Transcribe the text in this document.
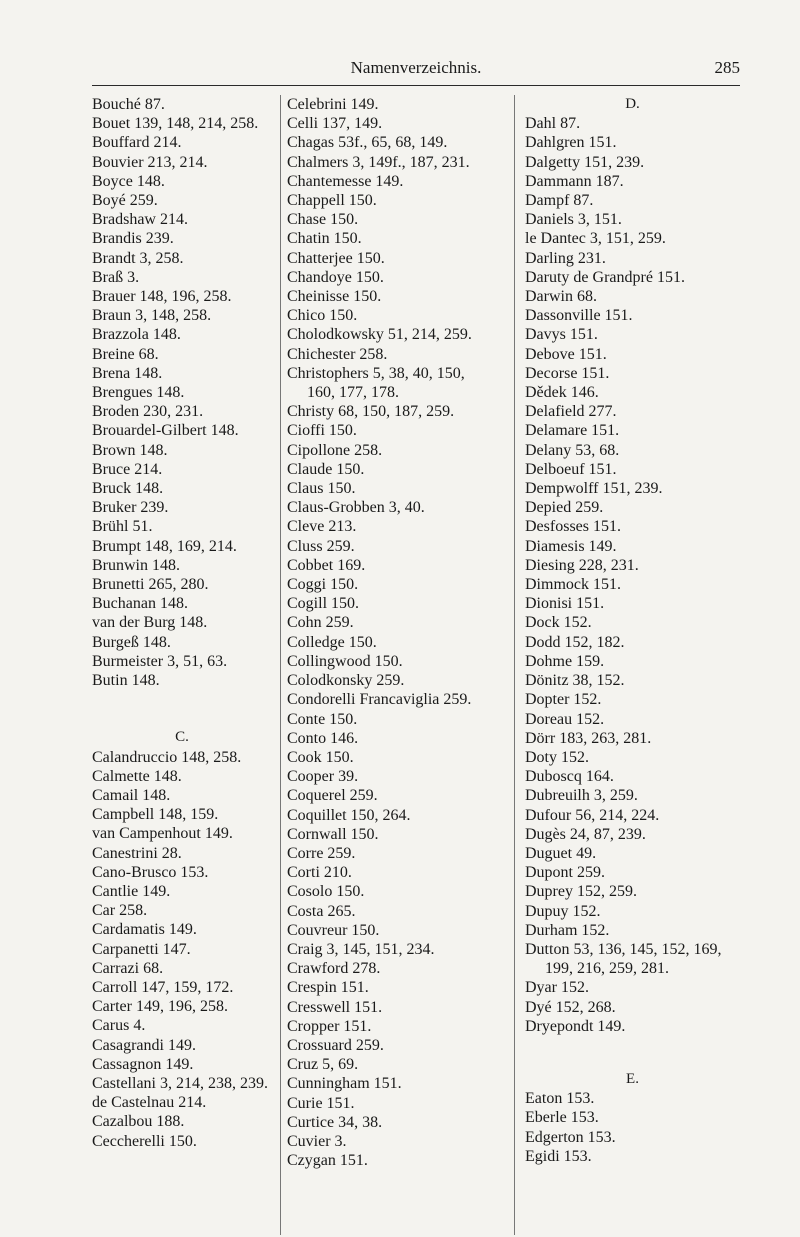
Namenverzeichnis.	285
Bouché 87.
Bouet 139, 148, 214, 258.
Bouffard 214.
Bouvier 213, 214.
Boyce 148.
Boyé 259.
Bradshaw 214.
Brandis 239.
Brandt 3, 258.
Braß 3.
Brauer 148, 196, 258.
Braun 3, 148, 258.
Brazzola 148.
Breine 68.
Brena 148.
Brengues 148.
Broden 230, 231.
Brouardel-Gilbert 148.
Brown 148.
Bruce 214.
Bruck 148.
Bruker 239.
Brühl 51.
Brumpt 148, 169, 214.
Brunwin 148.
Brunetti 265, 280.
Buchanan 148.
van der Burg 148.
Burgeß 148.
Burmeister 3, 51, 63.
Butin 148.
C.
Calandruccio 148, 258.
Calmette 148.
Camail 148.
Campbell 148, 159.
van Campenhout 149.
Canestrini 28.
Cano-Brusco 153.
Cantlie 149.
Car 258.
Cardamatis 149.
Carpanetti 147.
Carrazi 68.
Carroll 147, 159, 172.
Carter 149, 196, 258.
Carus 4.
Casagrandi 149.
Cassagnon 149.
Castellani 3, 214, 238, 239.
de Castelnau 214.
Cazalbou 188.
Ceccherelli 150.
Celebrini 149.
Celli 137, 149.
Chagas 53f., 65, 68, 149.
Chalmers 3, 149f., 187, 231.
Chantemesse 149.
Chappell 150.
Chase 150.
Chatin 150.
Chatterjee 150.
Chandoye 150.
Cheinisse 150.
Chico 150.
Cholodkowsky 51, 214, 259.
Chichester 258.
Christophers 5, 38, 40, 150,
160, 177, 178.
Christy 68, 150, 187, 259.
Cioffi 150.
Cipollone 258.
Claude 150.
Claus 150.
Claus-Grobben 3, 40.
Cleve 213.
Cluss 259.
Cobbet 169.
Coggi 150.
Cogill 150.
Cohn 259.
Colledge 150.
Collingwood 150.
Colodkonsky 259.
Condorelli Francaviglia 259.
Conte 150.
Conto 146.
Cook 150.
Cooper 39.
Coquerel 259.
Coquillet 150, 264.
Cornwall 150.
Corre 259.
Corti 210.
Cosolo 150.
Costa 265.
Couvreur 150.
Craig 3, 145, 151, 234.
Crawford 278.
Crespin 151.
Cresswell 151.
Cropper 151.
Crossuard 259.
Cruz 5, 69.
Cunningham 151.
Curie 151.
Curtice 34, 38.
Cuvier 3.
Czygan 151.
D.
Dahl 87.
Dahlgren 151.
Dalgetty 151, 239.
Dammann 187.
Dampf 87.
Daniels 3, 151.
le Dantec 3, 151, 259.
Darling 231.
Daruty de Grandpré 151.
Darwin 68.
Dassonville 151.
Davys 151.
Debove 151.
Decorse 151.
Dědek 146.
Delafield 277.
Delamare 151.
Delany 53, 68.
Delboeuf 151.
Dempwolff 151, 239.
Depied 259.
Desfosses 151.
Diamesis 149.
Diesing 228, 231.
Dimmock 151.
Dionisi 151.
Dock 152.
Dodd 152, 182.
Dohme 159.
Dönitz 38, 152.
Dopter 152.
Doreau 152.
Dörr 183, 263, 281.
Doty 152.
Duboscq 164.
Dubreuilh 3, 259.
Dufour 56, 214, 224.
Dugès 24, 87, 239.
Duguet 49.
Dupont 259.
Duprey 152, 259.
Dupuy 152.
Durham 152.
Dutton 53, 136, 145, 152, 169,
199, 216, 259, 281.
Dyar 152.
Dyé 152, 268.
Dryepondt 149.
E.
Eaton 153.
Eberle 153.
Edgerton 153.
Egidi 153.
